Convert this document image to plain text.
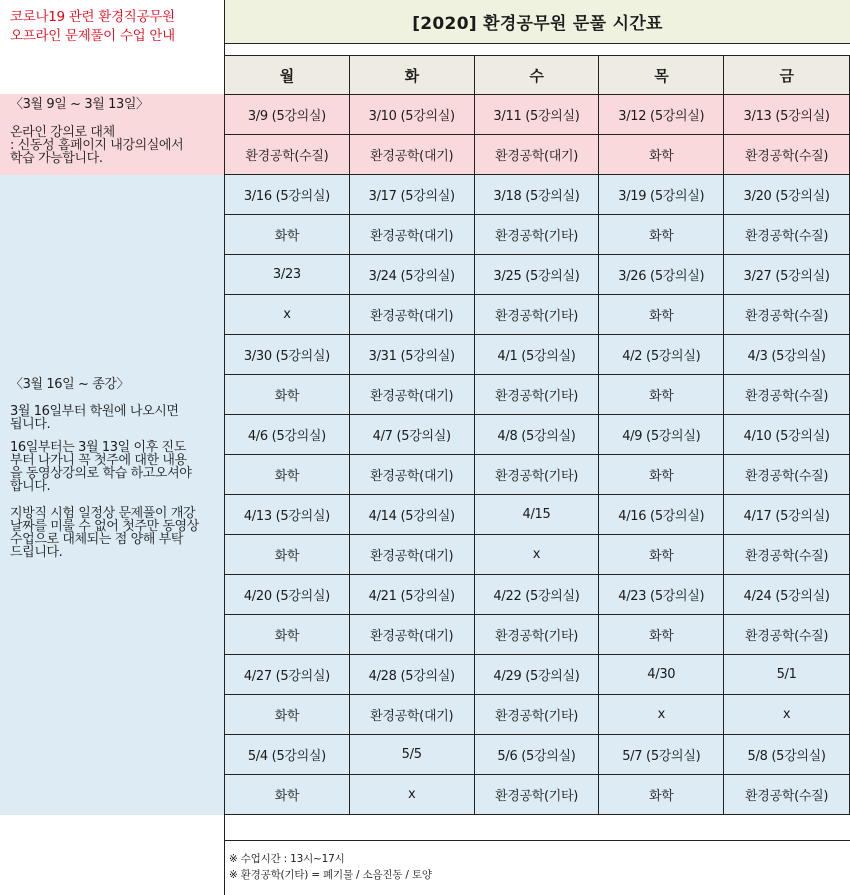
코로나19 관련 환경직공무원
오프라인 문제풀이 수업 안내

〈3월 9일 ~ 3월 13일〉

온라인 강의로 대체
: 신동성 홈페이지 내강의실에서
학습 가능합니다.

〈3월 16일 ~ 종강〉

3월 16일부터 학원에 나오시면
됩니다.

16일부터는 3월 13일 이후 진도
부터 나가니 꼭 첫주에 대한 내용
을 동영상강의로 학습 하고오셔야
합니다.

지방직 시험 일정상 문제풀이 개강
날짜를 미룰 수 없어 첫주만 동영상
수업으로 대체되는 점 양해 부탁
드립니다.

[2020] 환경공무원 문풀 시간표
월	화	수	목	금
3/9 (5강의실)	3/10 (5강의실)	3/11 (5강의실)	3/12 (5강의실)	3/13 (5강의실)
환경공학(수질)	환경공학(대기)	환경공학(대기)	화학	환경공학(수질)
3/16 (5강의실)	3/17 (5강의실)	3/18 (5강의실)	3/19 (5강의실)	3/20 (5강의실)
화학	환경공학(대기)	환경공학(기타)	화학	환경공학(수질)
3/23	3/24 (5강의실)	3/25 (5강의실)	3/26 (5강의실)	3/27 (5강의실)
x	환경공학(대기)	환경공학(기타)	화학	환경공학(수질)
3/30 (5강의실)	3/31 (5강의실)	4/1 (5강의실)	4/2 (5강의실)	4/3 (5강의실)
화학	환경공학(대기)	환경공학(기타)	화학	환경공학(수질)
4/6 (5강의실)	4/7 (5강의실)	4/8 (5강의실)	4/9 (5강의실)	4/10 (5강의실)
화학	환경공학(대기)	환경공학(기타)	화학	환경공학(수질)
4/13 (5강의실)	4/14 (5강의실)	4/15	4/16 (5강의실)	4/17 (5강의실)
화학	환경공학(대기)	x	화학	환경공학(수질)
4/20 (5강의실)	4/21 (5강의실)	4/22 (5강의실)	4/23 (5강의실)	4/24 (5강의실)
화학	환경공학(대기)	환경공학(기타)	화학	환경공학(수질)
4/27 (5강의실)	4/28 (5강의실)	4/29 (5강의실)	4/30	5/1
화학	환경공학(대기)	환경공학(기타)	x	x
5/4 (5강의실)	5/5	5/6 (5강의실)	5/7 (5강의실)	5/8 (5강의실)
화학	x	환경공학(기타)	화학	환경공학(수질)
※ 수업시간 : 13시~17시
※ 환경공학(기타) = 폐기물 / 소음진동 / 토양
